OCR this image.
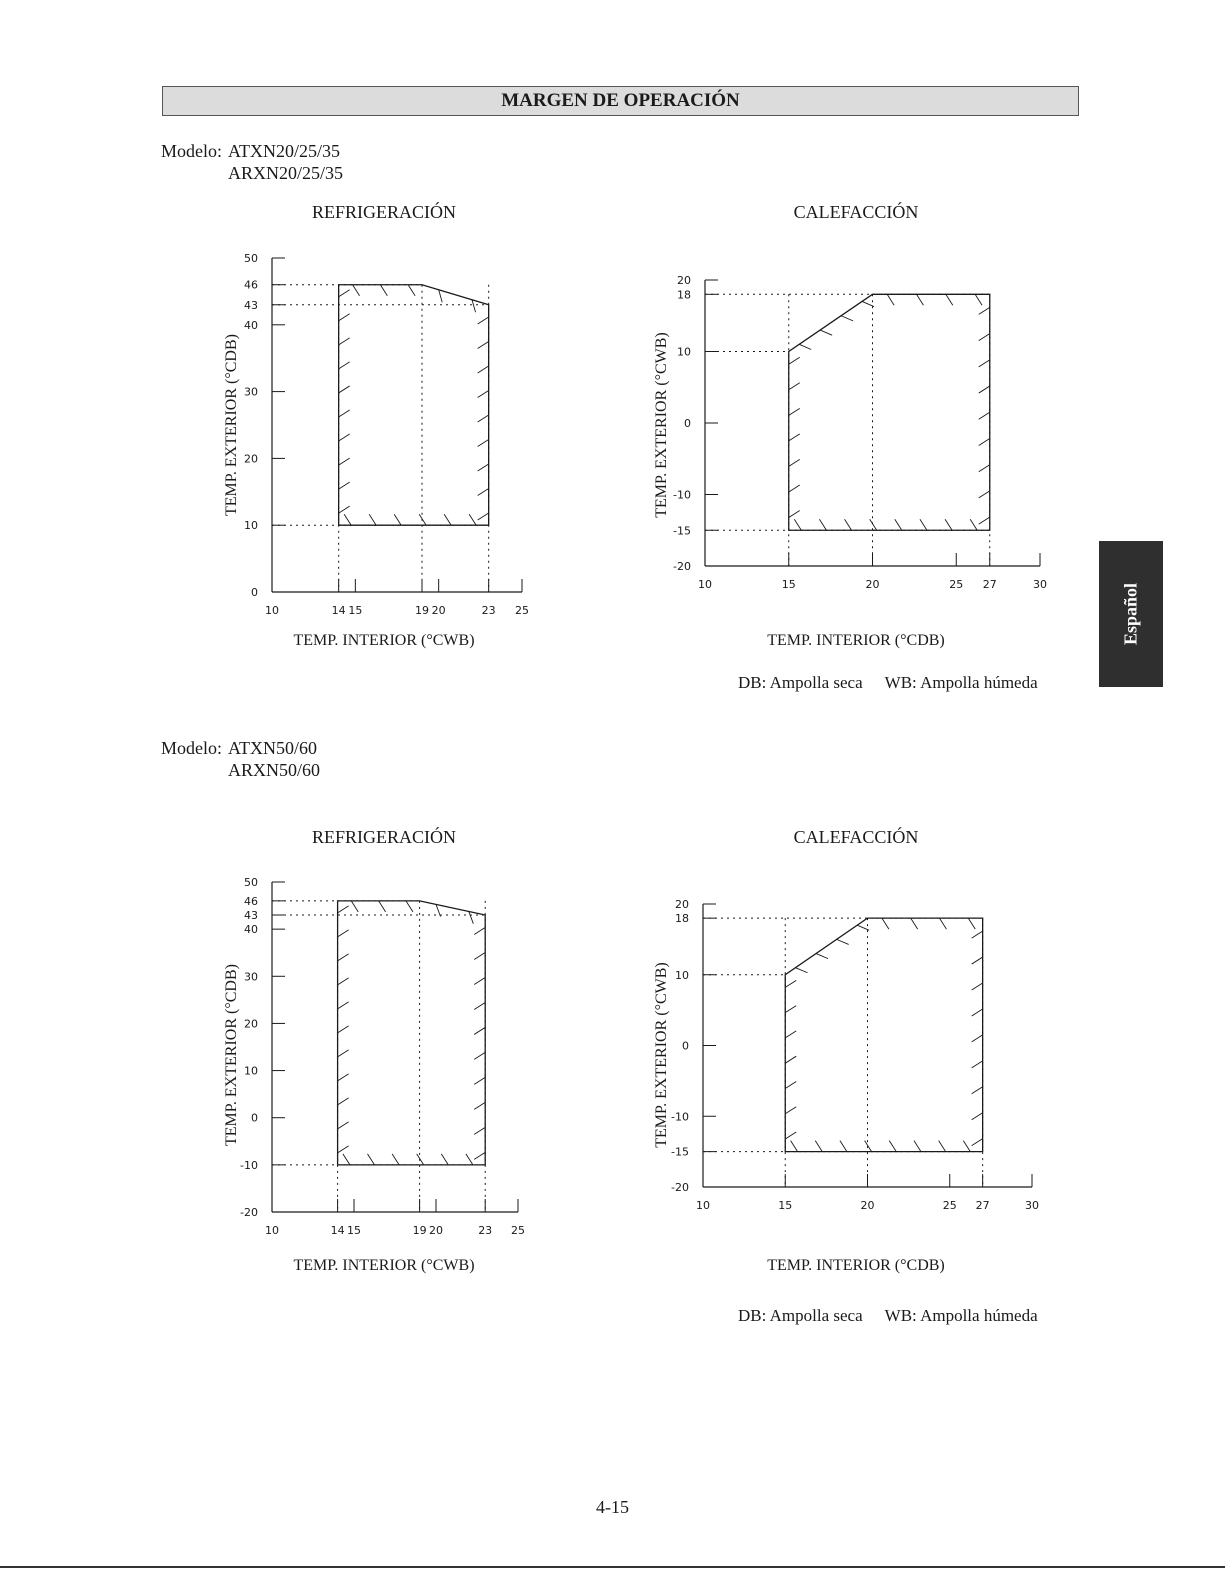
MARGEN DE OPERACIÓN
Modelo: ATXN20/25/35
ARXN20/25/35
REFRIGERACIÓN	CALEFACCIÓN
0
10
20
30
40
43
46
50
10	14 15	19 20	23 25
TEMP. EXTERIOR (°CDB)
-20
-15
-10
0
10
18
20
10	15	20	25 27	30
TEMP. EXTERIOR (°CWB)
-20
-10
0
10
20
30
40
43
46
50
10	14 15	19 20	23 25
TEMP. EXTERIOR (°CDB)
-20
-15
-10
0
10
18
20
10	15	20	25 27	30
TEMP. EXTERIOR (°CWB)
TEMP. INTERIOR (°CWB)	TEMP. INTERIOR (°CDB)
DB: Ampolla seca WB: Ampolla húmeda
Español
Modelo: ATXN50/60
ARXN50/60
REFRIGERACIÓN	CALEFACCIÓN
TEMP. INTERIOR (°CWB)	TEMP. INTERIOR (°CDB)
DB: Ampolla seca WB: Ampolla húmeda
4-15
